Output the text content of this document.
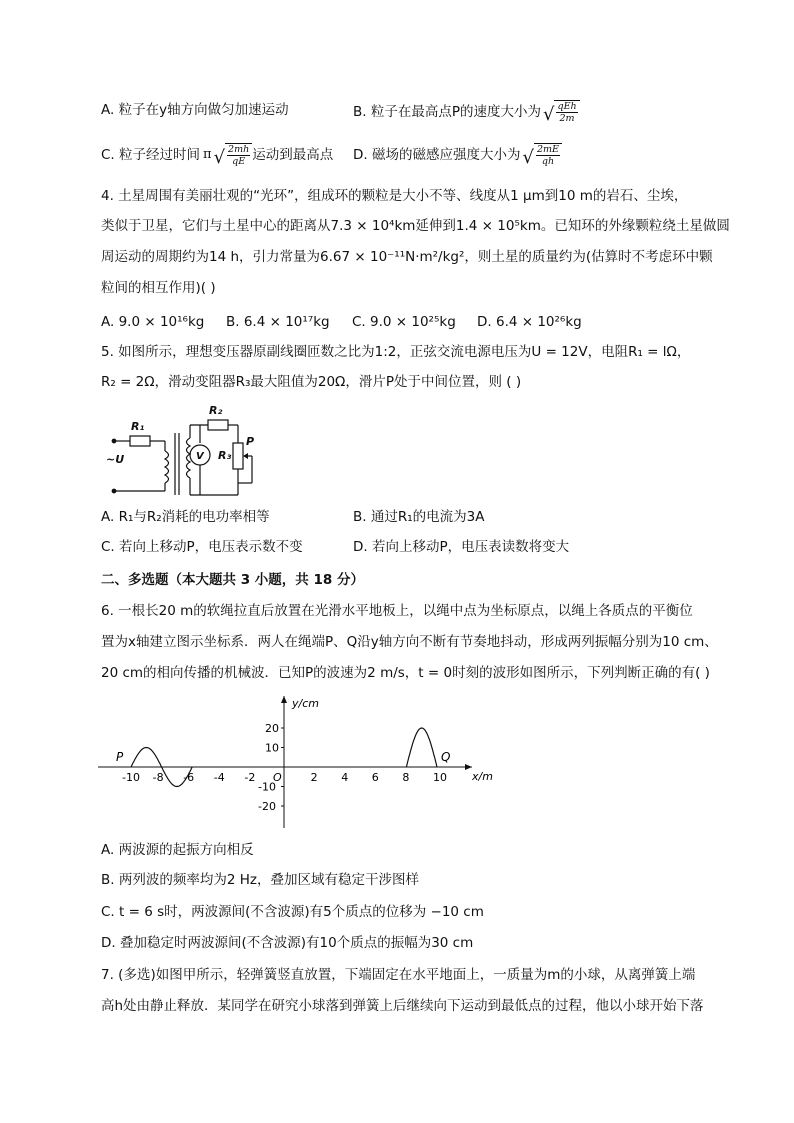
A. 粒子在y轴方向做匀加速运动	B. 粒子在最高点P的速度大小为 √ $\frac{\text{qEh}}{2m}$
C. 粒子经过时间 π √ $\frac{2mh}{qE}$ 运动到最高点 D. 磁场的磁感应强度大小为 √ $\frac{2mE}{qh}$
4. 土星周围有美丽壮观的“光环”，组成环的颗粒是大小不等、线度从1 μm到10 m的岩石、尘埃，
类似于卫星，它们与土星中心的距离从7.3 × 10⁴km延伸到1.4 × 10⁵km。已知环的外缘颗粒绕土星做圆
周运动的周期约为14 h，引力常量为6.67 × 10⁻¹¹N·m²/kg²，则土星的质量约为(估算时不考虑环中颗
粒间的相互作用)( )
A. 9.0 × 10¹⁶kg B. 6.4 × 10¹⁷kg C. 9.0 × 10²⁵kg D. 6.4 × 10²⁶kg
5. 如图所示，理想变压器原副线圈匝数之比为1:2，正弦交流电源电压为U = 12V，电阻R₁ = lΩ，
R₂ = 2Ω，滑动变阻器R₃最大阻值为20Ω，滑片P处于中间位置，则 ( )
R₁
R₂
R₃
P
~U	V
A. R₁与R₂消耗的电功率相等	B. 通过R₁的电流为3A
C. 若向上移动P，电压表示数不变	D. 若向上移动P，电压表读数将变大
二、多选题（本大题共 3 小题，共 18 分）
6. 一根长20 m的软绳拉直后放置在光滑水平地板上，以绳中点为坐标原点，以绳上各质点的平衡位
置为x轴建立图示坐标系．两人在绳端P、Q沿y轴方向不断有节奏地抖动，形成两列振幅分别为10 cm、
20 cm的相向传播的机械波．已知P的波速为2 m/s，t = 0时刻的波形如图所示，下列判断正确的有( )
-10 -8 -6 -4 -2	2 4 6 8 10
20
10
-10
-20
y/cm
x/m
O
P	Q
A. 两波源的起振方向相反
B. 两列波的频率均为2 Hz，叠加区域有稳定干涉图样
C. t = 6 s时，两波源间(不含波源)有5个质点的位移为 −10 cm
D. 叠加稳定时两波源间(不含波源)有10个质点的振幅为30 cm
7. (多选)如图甲所示，轻弹簧竖直放置，下端固定在水平地面上，一质量为m的小球，从离弹簧上端
高h处由静止释放．某同学在研究小球落到弹簧上后继续向下运动到最低点的过程，他以小球开始下落
